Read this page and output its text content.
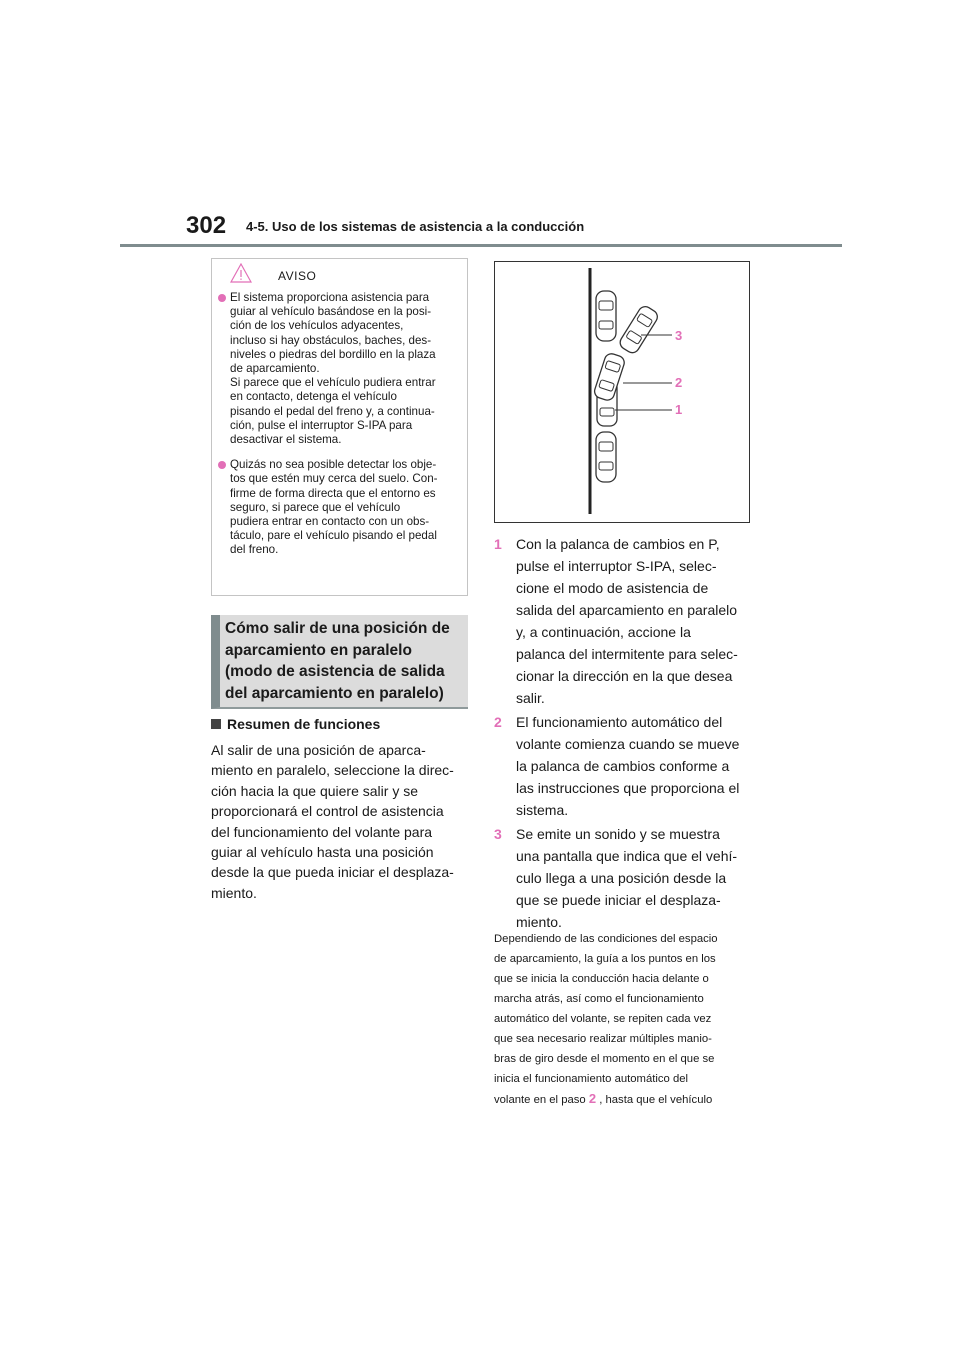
302 4-5. Uso de los sistemas de asistencia a la conducción
AVISO
El sistema proporciona asistencia para
guiar al vehículo basándose en la posi-
ción de los vehículos adyacentes,
incluso si hay obstáculos, baches, des-
niveles o piedras del bordillo en la plaza
de aparcamiento.
Si parece que el vehículo pudiera entrar
en contacto, detenga el vehículo
pisando el pedal del freno y, a continua-
ción, pulse el interruptor S-IPA para
desactivar el sistema.
Quizás no sea posible detectar los obje-
tos que estén muy cerca del suelo. Con-
firme de forma directa que el entorno es
seguro, si parece que el vehículo
pudiera entrar en contacto con un obs-
táculo, pare el vehículo pisando el pedal
del freno.
Cómo salir de una posición de
aparcamiento en paralelo
(modo de asistencia de salida
del aparcamiento en paralelo)
Resumen de funciones
Al salir de una posición de aparca-
miento en paralelo, seleccione la direc-
ción hacia la que quiere salir y se
proporcionará el control de asistencia
del funcionamiento del volante para
guiar al vehículo hasta una posición
desde la que pueda iniciar el desplaza-
miento.
3
2
1
1 Con la palanca de cambios en P,
pulse el interruptor S-IPA, selec-
cione el modo de asistencia de
salida del aparcamiento en paralelo
y, a continuación, accione la
palanca del intermitente para selec-
cionar la dirección en la que desea
salir.
2 El funcionamiento automático del
volante comienza cuando se mueve
la palanca de cambios conforme a
las instrucciones que proporciona el
sistema.
3 Se emite un sonido y se muestra
una pantalla que indica que el vehí-
culo llega a una posición desde la
que se puede iniciar el desplaza-
miento.
Dependiendo de las condiciones del espacio
de aparcamiento, la guía a los puntos en los
que se inicia la conducción hacia delante o
marcha atrás, así como el funcionamiento
automático del volante, se repiten cada vez
que sea necesario realizar múltiples manio-
bras de giro desde el momento en el que se
inicia el funcionamiento automático del
volante en el paso 2 , hasta que el vehículo
